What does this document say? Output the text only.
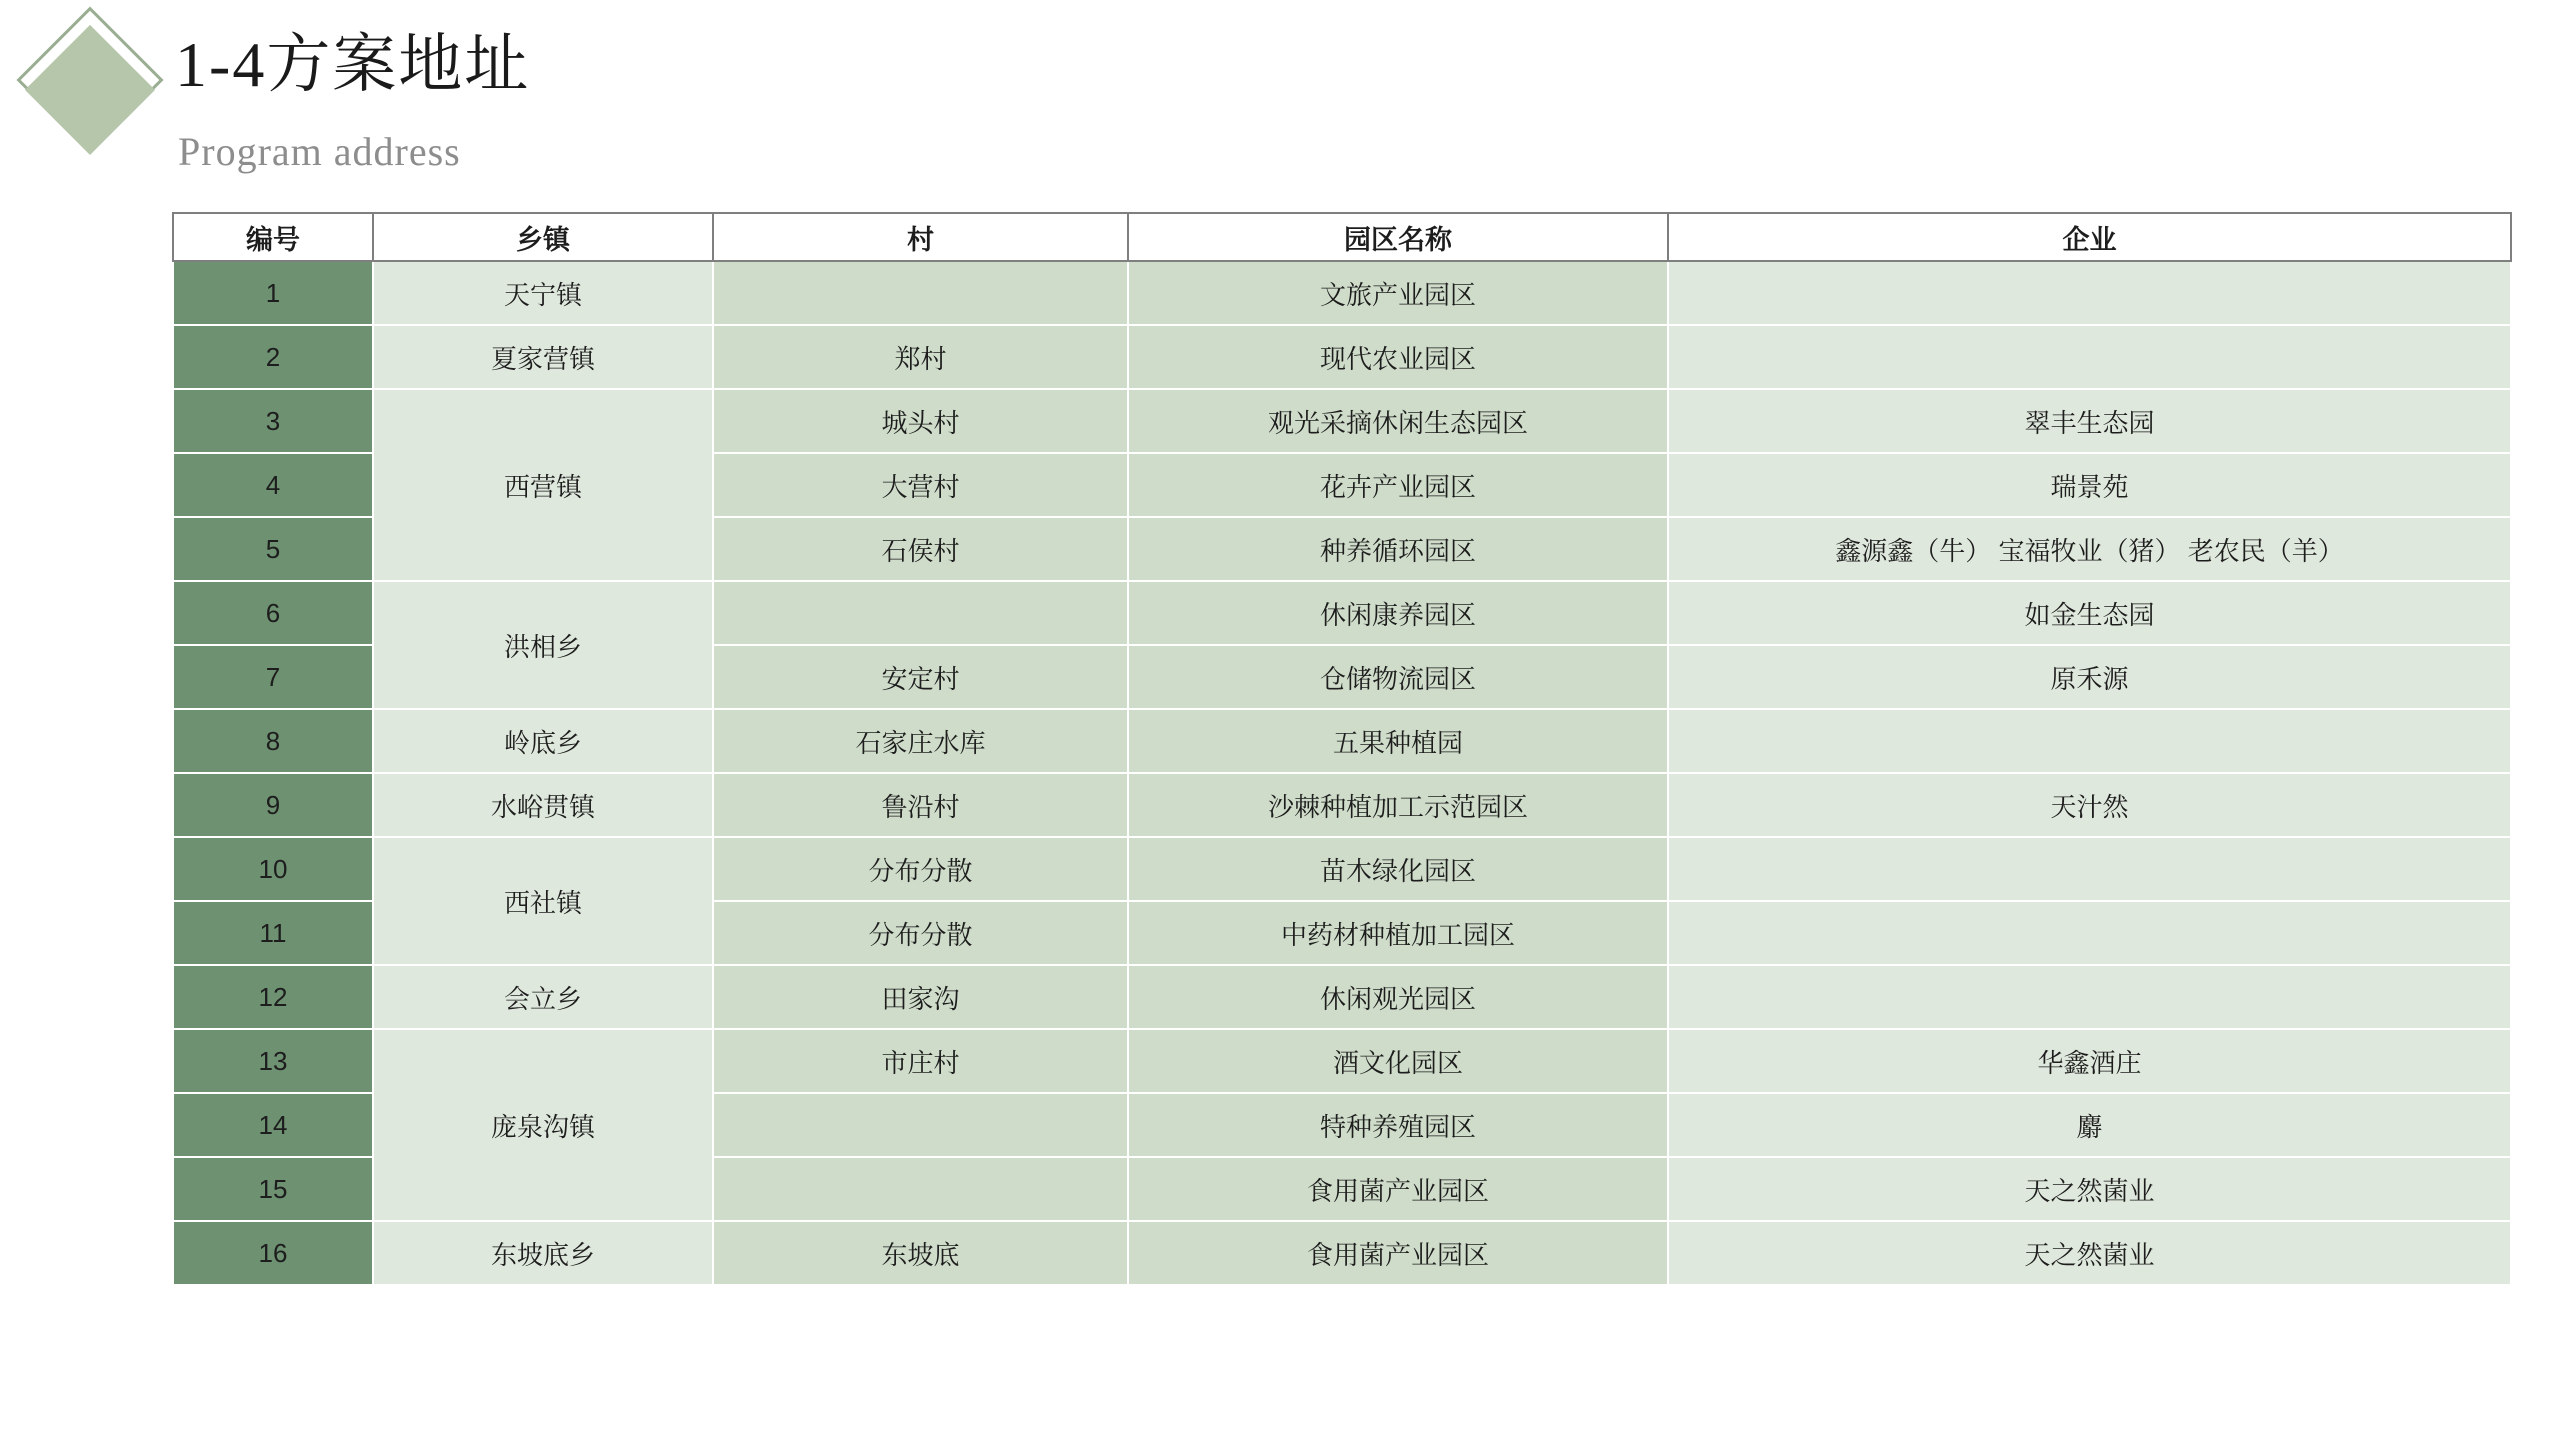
1-4方案地址
Program address
编号	乡镇	村	园区名称	企业
1	天宁镇		文旅产业园区	
2	夏家营镇	郑村	现代农业园区	
3	西营镇	城头村	观光采摘休闲生态园区	翠丰生态园
4		大营村	花卉产业园区	瑞景苑
5		石侯村	种养循环园区	鑫源鑫（牛） 宝福牧业（猪） 老农民（羊）
6	洪相乡		休闲康养园区	如金生态园
7		安定村	仓储物流园区	原禾源
8	岭底乡	石家庄水库	五果种植园	
9	水峪贯镇	鲁沿村	沙棘种植加工示范园区	天汁然
10	西社镇	分布分散	苗木绿化园区	
11		分布分散	中药材种植加工园区	
12	会立乡	田家沟	休闲观光园区	
13	庞泉沟镇	市庄村	酒文化园区	华鑫酒庄
14			特种养殖园区	麝
15			食用菌产业园区	天之然菌业
16	东坡底乡	东坡底	食用菌产业园区	天之然菌业
